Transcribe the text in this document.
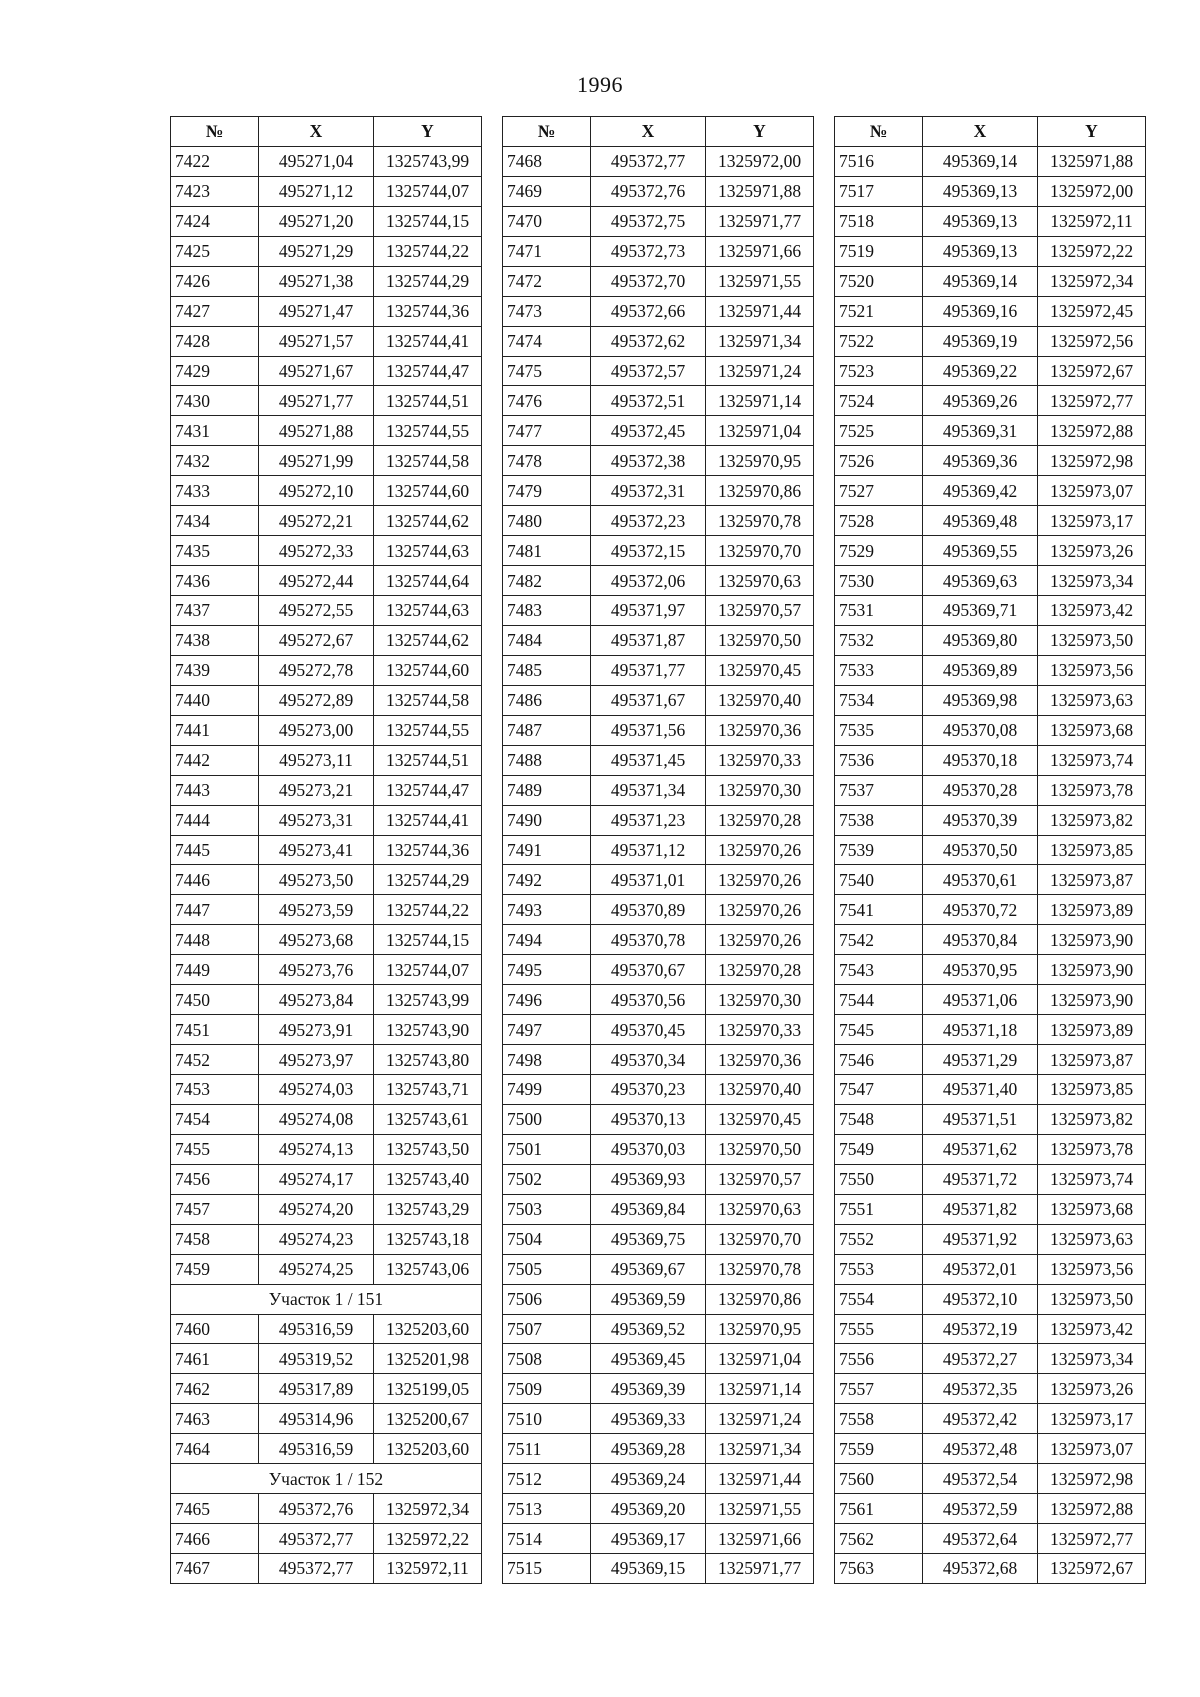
1996
№	X	Y
7422	495271,04	1325743,99
7423	495271,12	1325744,07
7424	495271,20	1325744,15
7425	495271,29	1325744,22
7426	495271,38	1325744,29
7427	495271,47	1325744,36
7428	495271,57	1325744,41
7429	495271,67	1325744,47
7430	495271,77	1325744,51
7431	495271,88	1325744,55
7432	495271,99	1325744,58
7433	495272,10	1325744,60
7434	495272,21	1325744,62
7435	495272,33	1325744,63
7436	495272,44	1325744,64
7437	495272,55	1325744,63
7438	495272,67	1325744,62
7439	495272,78	1325744,60
7440	495272,89	1325744,58
7441	495273,00	1325744,55
7442	495273,11	1325744,51
7443	495273,21	1325744,47
7444	495273,31	1325744,41
7445	495273,41	1325744,36
7446	495273,50	1325744,29
7447	495273,59	1325744,22
7448	495273,68	1325744,15
7449	495273,76	1325744,07
7450	495273,84	1325743,99
7451	495273,91	1325743,90
7452	495273,97	1325743,80
7453	495274,03	1325743,71
7454	495274,08	1325743,61
7455	495274,13	1325743,50
7456	495274,17	1325743,40
7457	495274,20	1325743,29
7458	495274,23	1325743,18
7459	495274,25	1325743,06
Участок 1 / 151		
7460	495316,59	1325203,60
7461	495319,52	1325201,98
7462	495317,89	1325199,05
7463	495314,96	1325200,67
7464	495316,59	1325203,60
Участок 1 / 152		
7465	495372,76	1325972,34
7466	495372,77	1325972,22
7467	495372,77	1325972,11
№	X	Y
7468	495372,77	1325972,00
7469	495372,76	1325971,88
7470	495372,75	1325971,77
7471	495372,73	1325971,66
7472	495372,70	1325971,55
7473	495372,66	1325971,44
7474	495372,62	1325971,34
7475	495372,57	1325971,24
7476	495372,51	1325971,14
7477	495372,45	1325971,04
7478	495372,38	1325970,95
7479	495372,31	1325970,86
7480	495372,23	1325970,78
7481	495372,15	1325970,70
7482	495372,06	1325970,63
7483	495371,97	1325970,57
7484	495371,87	1325970,50
7485	495371,77	1325970,45
7486	495371,67	1325970,40
7487	495371,56	1325970,36
7488	495371,45	1325970,33
7489	495371,34	1325970,30
7490	495371,23	1325970,28
7491	495371,12	1325970,26
7492	495371,01	1325970,26
7493	495370,89	1325970,26
7494	495370,78	1325970,26
7495	495370,67	1325970,28
7496	495370,56	1325970,30
7497	495370,45	1325970,33
7498	495370,34	1325970,36
7499	495370,23	1325970,40
7500	495370,13	1325970,45
7501	495370,03	1325970,50
7502	495369,93	1325970,57
7503	495369,84	1325970,63
7504	495369,75	1325970,70
7505	495369,67	1325970,78
7506	495369,59	1325970,86
7507	495369,52	1325970,95
7508	495369,45	1325971,04
7509	495369,39	1325971,14
7510	495369,33	1325971,24
7511	495369,28	1325971,34
7512	495369,24	1325971,44
7513	495369,20	1325971,55
7514	495369,17	1325971,66
7515	495369,15	1325971,77
№	X	Y
7516	495369,14	1325971,88
7517	495369,13	1325972,00
7518	495369,13	1325972,11
7519	495369,13	1325972,22
7520	495369,14	1325972,34
7521	495369,16	1325972,45
7522	495369,19	1325972,56
7523	495369,22	1325972,67
7524	495369,26	1325972,77
7525	495369,31	1325972,88
7526	495369,36	1325972,98
7527	495369,42	1325973,07
7528	495369,48	1325973,17
7529	495369,55	1325973,26
7530	495369,63	1325973,34
7531	495369,71	1325973,42
7532	495369,80	1325973,50
7533	495369,89	1325973,56
7534	495369,98	1325973,63
7535	495370,08	1325973,68
7536	495370,18	1325973,74
7537	495370,28	1325973,78
7538	495370,39	1325973,82
7539	495370,50	1325973,85
7540	495370,61	1325973,87
7541	495370,72	1325973,89
7542	495370,84	1325973,90
7543	495370,95	1325973,90
7544	495371,06	1325973,90
7545	495371,18	1325973,89
7546	495371,29	1325973,87
7547	495371,40	1325973,85
7548	495371,51	1325973,82
7549	495371,62	1325973,78
7550	495371,72	1325973,74
7551	495371,82	1325973,68
7552	495371,92	1325973,63
7553	495372,01	1325973,56
7554	495372,10	1325973,50
7555	495372,19	1325973,42
7556	495372,27	1325973,34
7557	495372,35	1325973,26
7558	495372,42	1325973,17
7559	495372,48	1325973,07
7560	495372,54	1325972,98
7561	495372,59	1325972,88
7562	495372,64	1325972,77
7563	495372,68	1325972,67
